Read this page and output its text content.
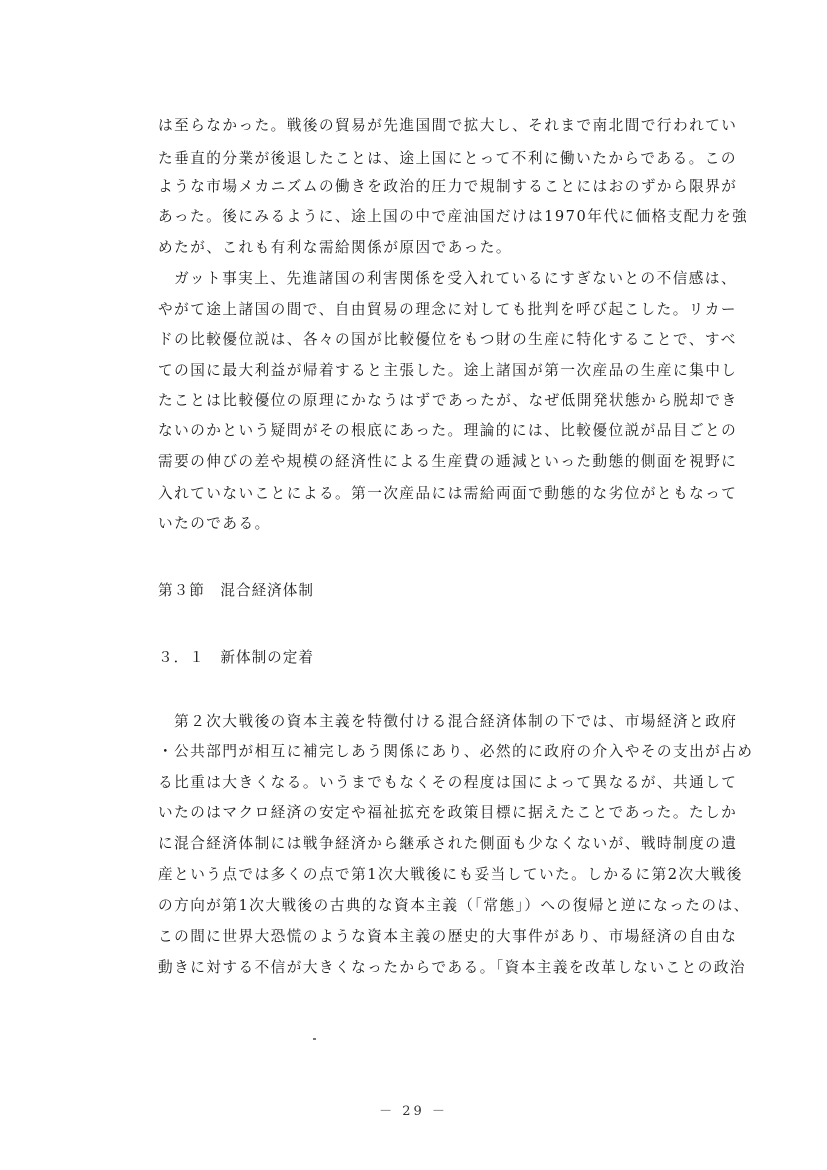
は至らなかった。戦後の貿易が先進国間で拡大し、それまで南北間で行われてい
た垂直的分業が後退したことは、途上国にとって不利に働いたからである。この
ような市場メカニズムの働きを政治的圧力で規制することにはおのずから限界が
あった。後にみるように、途上国の中で産油国だけは1970年代に価格支配力を強
めたが、これも有利な需給関係が原因であった。
　ガット事実上、先進諸国の利害関係を受入れているにすぎないとの不信感は、
やがて途上諸国の間で、自由貿易の理念に対しても批判を呼び起こした。リカー
ドの比較優位説は、各々の国が比較優位をもつ財の生産に特化することで、すべ
ての国に最大利益が帰着すると主張した。途上諸国が第一次産品の生産に集中し
たことは比較優位の原理にかなうはずであったが、なぜ低開発状態から脱却でき
ないのかという疑問がその根底にあった。理論的には、比較優位説が品目ごとの
需要の伸びの差や規模の経済性による生産費の逓減といった動態的側面を視野に
入れていないことによる。第一次産品には需給両面で動態的な劣位がともなって
いたのである。
第３節　混合経済体制
３．１　新体制の定着
　第２次大戦後の資本主義を特徴付ける混合経済体制の下では、市場経済と政府
・公共部門が相互に補完しあう関係にあり、必然的に政府の介入やその支出が占め
る比重は大きくなる。いうまでもなくその程度は国によって異なるが、共通して
いたのはマクロ経済の安定や福祉拡充を政策目標に据えたことであった。たしか
に混合経済体制には戦争経済から継承された側面も少なくないが、戦時制度の遺
産という点では多くの点で第1次大戦後にも妥当していた。しかるに第2次大戦後
の方向が第1次大戦後の古典的な資本主義（「常態」）への復帰と逆になったのは、
この間に世界大恐慌のような資本主義の歴史的大事件があり、市場経済の自由な
動きに対する不信が大きくなったからである。「資本主義を改革しないことの政治
－ 29 －
